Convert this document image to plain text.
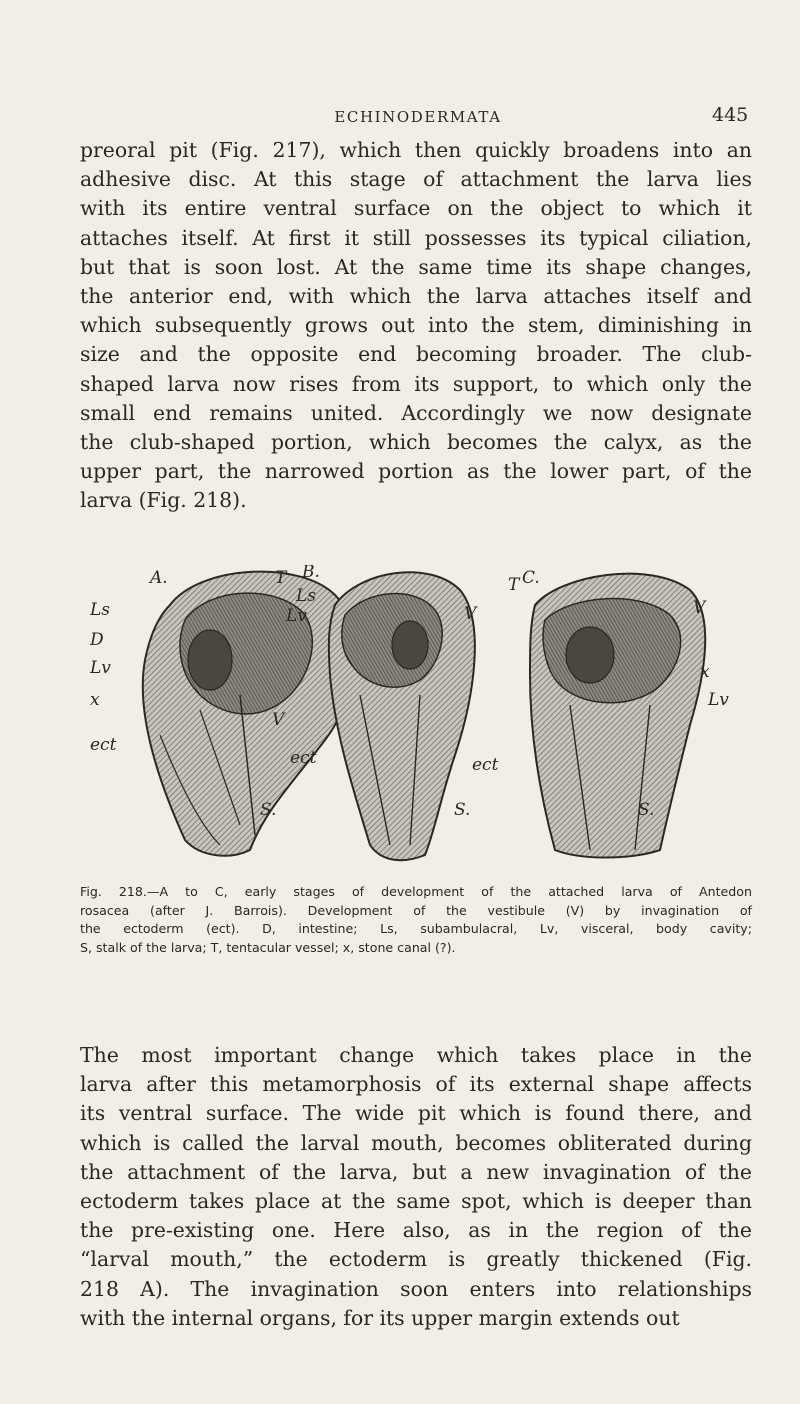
ECHINODERMATA	445
preoral pit (Fig. 217), which then quickly broadens into an
adhesive disc. At this stage of attachment the larva lies
with its entire ventral surface on the object to which it
attaches itself. At first it still possesses its typical ciliation,
but that is soon lost. At the same time its shape changes,
the anterior end, with which the larva attaches itself and
which subsequently grows out into the stem, diminishing in
size and the opposite end becoming broader. The club-
shaped larva now rises from its support, to which only the
small end remains united. Accordingly we now designate
the club-shaped portion, which becomes the calyx, as the
upper part, the narrowed portion as the lower part, of the
larva (Fig. 218).
A.
Ls
D
Lv
x
ect
T B.
Ls
Lv
V
ect
S.
V
ect
S.
T C.
V
x
Lv
S.
Fig. 218.—A to C, early stages of development of the attached larva of Antedon
rosacea (after J. Barrois). Development of the vestibule (V) by invagination of
the ectoderm (ect). D, intestine; Ls, subambulacral, Lv, visceral, body cavity;
S, stalk of the larva; T, tentacular vessel; x, stone canal (?).
The most important change which takes place in the
larva after this metamorphosis of its external shape affects
its ventral surface. The wide pit which is found there, and
which is called the larval mouth, becomes obliterated during
the attachment of the larva, but a new invagination of the
ectoderm takes place at the same spot, which is deeper than
the pre-existing one. Here also, as in the region of the
“larval mouth,” the ectoderm is greatly thickened (Fig.
218 A). The invagination soon enters into relationships
with the internal organs, for its upper margin extends out
